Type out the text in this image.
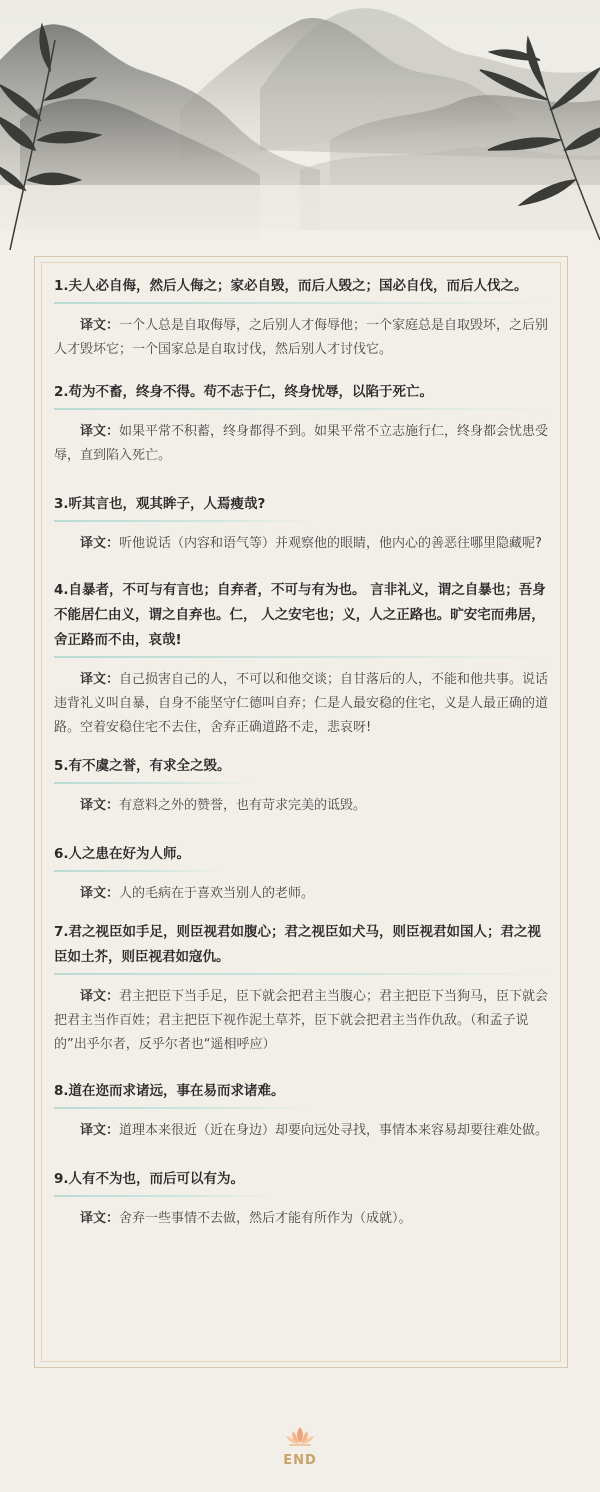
1.夫人必自侮，然后人侮之；家必自毁，而后人毁之；国必自伐，而后人伐之。

译文：一个人总是自取侮辱，之后别人才侮辱他；一个家庭总是自取毁坏，之后别人才毁坏它；一个国家总是自取讨伐，然后别人才讨伐它。

2.苟为不畜，终身不得。苟不志于仁，终身忧辱，以陷于死亡。

译文：如果平常不积蓄，终身都得不到。如果平常不立志施行仁，终身都会忧患受辱，直到陷入死亡。

3.听其言也，观其眸子，人焉瘦哉?

译文：听他说话（内容和语气等）并观察他的眼睛，他内心的善恶往哪里隐藏呢?

4.自暴者，不可与有言也；自弃者，不可与有为也。 言非礼义，谓之自暴也；吾身不能居仁由义，谓之自弃也。仁， 人之安宅也；义，人之正路也。旷安宅而弗居，舍正路而不由，哀哉!

译文：自己损害自己的人，不可以和他交谈；自甘落后的人，不能和他共事。说话违背礼义叫自暴，自身不能坚守仁德叫自弃；仁是人最安稳的住宅，义是人最正确的道路。空着安稳住宅不去住，舍弃正确道路不走，悲哀呀!

5.有不虞之誉，有求全之毁。

译文：有意料之外的赞誉，也有苛求完美的诋毁。

6.人之患在好为人师。

译文：人的毛病在于喜欢当别人的老师。

7.君之视臣如手足，则臣视君如腹心；君之视臣如犬马，则臣视君如国人；君之视臣如土芥，则臣视君如寇仇。

译文：君主把臣下当手足，臣下就会把君主当腹心；君主把臣下当狗马，臣下就会把君主当作百姓；君主把臣下视作泥土草芥，臣下就会把君主当作仇敌。（和孟子说的”出乎尔者，反乎尔者也“遥相呼应）

8.道在迩而求诸远，事在易而求诸难。

译文：道理本来很近（近在身边）却要向远处寻找，事情本来容易却要往难处做。

9.人有不为也，而后可以有为。

译文：舍弃一些事情不去做，然后才能有所作为（成就）。

END
